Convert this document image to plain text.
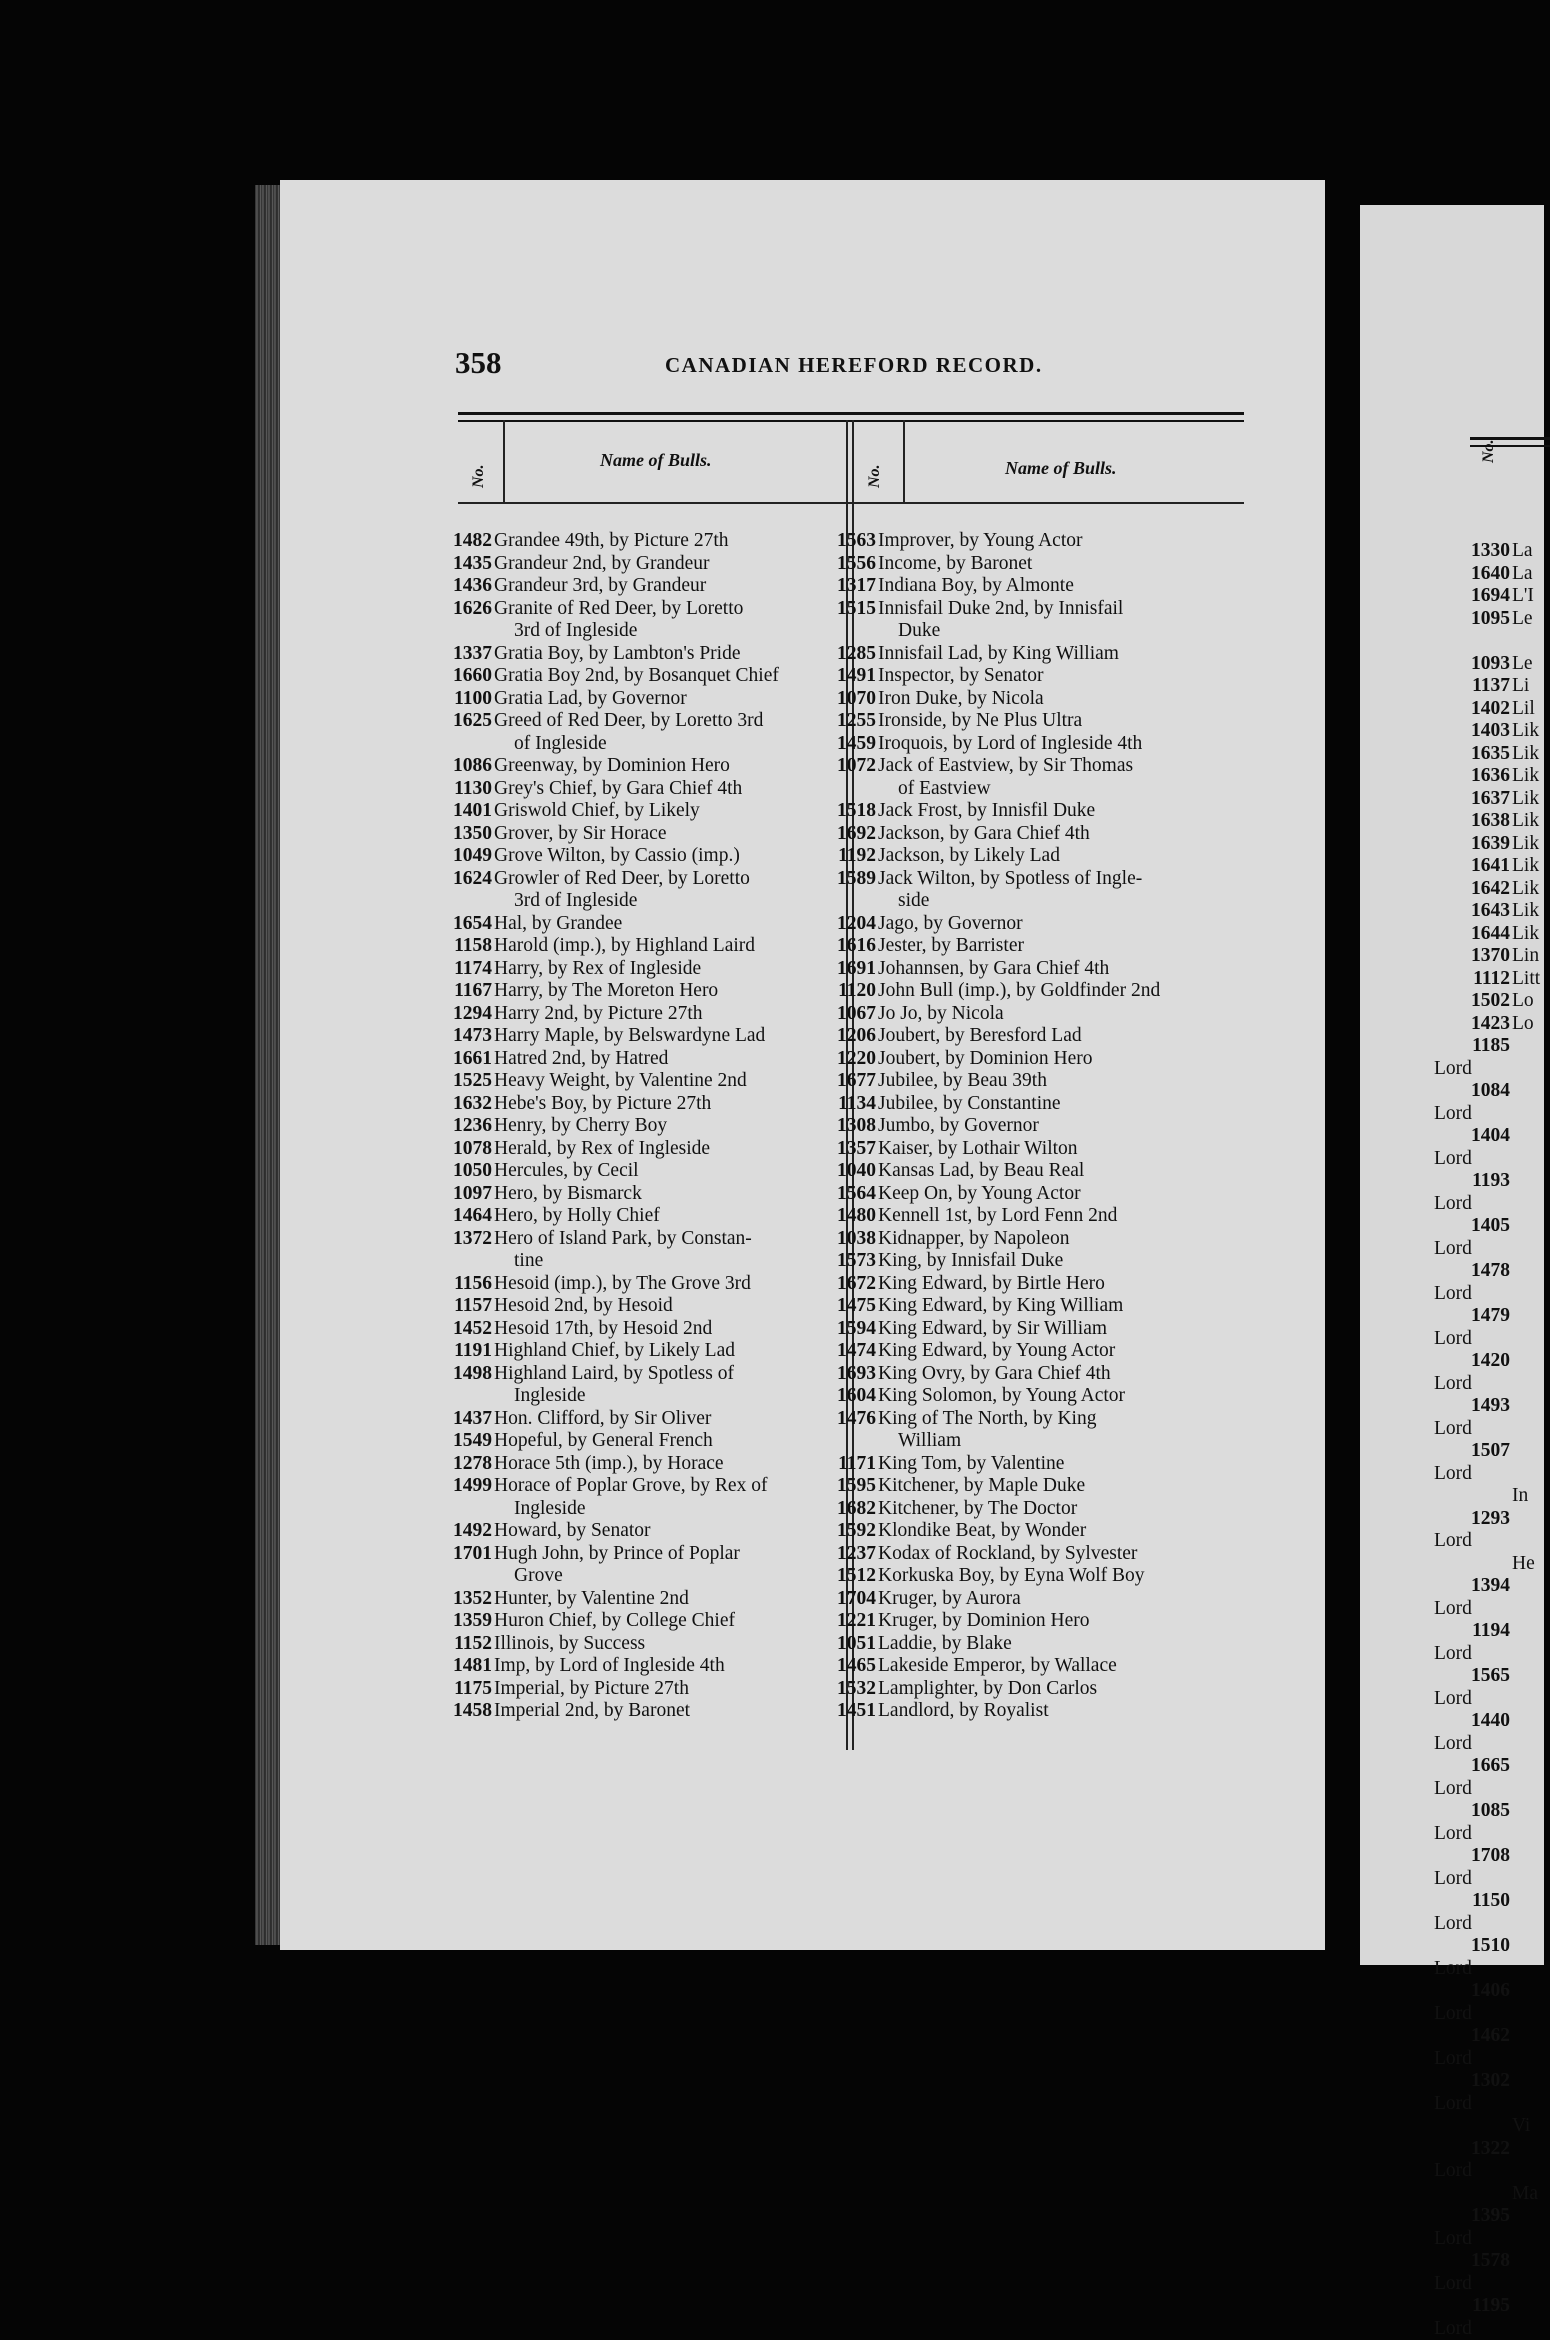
No.
1330 La
1640 La
1694 L'I
1095 Le

1093 Le
1137 Li
1402 Lil
1403 Lik
1635 Lik
1636 Lik
1637 Lik
1638 Lik
1639 Lik
1641 Lik
1642 Lik
1643 Lik
1644 Lik
1370 Lin
1112 Litt
1502 Lo
1423 Lo
1185Lord
1084Lord
1404Lord
1193Lord
1405Lord
1478Lord
1479Lord
1420Lord
1493Lord
1507Lord
In
1293Lord
He
1394Lord
1194Lord
1565Lord
1440Lord
1665Lord
1085Lord
1708Lord
1150Lord
1510Lord
1406Lord
1462Lord
1302Lord
Vi
1322Lord
Ma
1395Lord
1578Lord
1195Lord
358	CANADIAN HEREFORD RECORD.
No.
Name of Bulls.
No.	Name of Bulls.
1482 Grandee 49th, by Picture 27th
1435 Grandeur 2nd, by Grandeur
1436 Grandeur 3rd, by Grandeur
1626 Granite of Red Deer, by Loretto
3rd of Ingleside
1337 Gratia Boy, by Lambton's Pride
1660 Gratia Boy 2nd, by Bosanquet Chief
1100 Gratia Lad, by Governor
1625 Greed of Red Deer, by Loretto 3rd
of Ingleside
1086 Greenway, by Dominion Hero
1130 Grey's Chief, by Gara Chief 4th
1401 Griswold Chief, by Likely
1350 Grover, by Sir Horace
1049 Grove Wilton, by Cassio (imp.)
1624 Growler of Red Deer, by Loretto
3rd of Ingleside
1654 Hal, by Grandee
1158 Harold (imp.), by Highland Laird
1174 Harry, by Rex of Ingleside
1167 Harry, by The Moreton Hero
1294 Harry 2nd, by Picture 27th
1473 Harry Maple, by Belswardyne Lad
1661 Hatred 2nd, by Hatred
1525 Heavy Weight, by Valentine 2nd
1632 Hebe's Boy, by Picture 27th
1236 Henry, by Cherry Boy
1078 Herald, by Rex of Ingleside
1050 Hercules, by Cecil
1097 Hero, by Bismarck
1464 Hero, by Holly Chief
1372 Hero of Island Park, by Constan-
tine
1156 Hesoid (imp.), by The Grove 3rd
1157 Hesoid 2nd, by Hesoid
1452 Hesoid 17th, by Hesoid 2nd
1191 Highland Chief, by Likely Lad
1498 Highland Laird, by Spotless of
Ingleside
1437 Hon. Clifford, by Sir Oliver
1549 Hopeful, by General French
1278 Horace 5th (imp.), by Horace
1499 Horace of Poplar Grove, by Rex of
Ingleside
1492 Howard, by Senator
1701 Hugh John, by Prince of Poplar
Grove
1352 Hunter, by Valentine 2nd
1359 Huron Chief, by College Chief
1152 Illinois, by Success
1481 Imp, by Lord of Ingleside 4th
1175 Imperial, by Picture 27th
1458 Imperial 2nd, by Baronet
1563 Improver, by Young Actor
1556 Income, by Baronet
1317 Indiana Boy, by Almonte
1515 Innisfail Duke 2nd, by Innisfail
Duke
1285 Innisfail Lad, by King William
1491 Inspector, by Senator
1070 Iron Duke, by Nicola
1255 Ironside, by Ne Plus Ultra
1459 Iroquois, by Lord of Ingleside 4th
1072 Jack of Eastview, by Sir Thomas
of Eastview
1518 Jack Frost, by Innisfil Duke
1692 Jackson, by Gara Chief 4th
1192 Jackson, by Likely Lad
1589 Jack Wilton, by Spotless of Ingle-
side
1204 Jago, by Governor
1616 Jester, by Barrister
1691 Johannsen, by Gara Chief 4th
1120 John Bull (imp.), by Goldfinder 2nd
1067 Jo Jo, by Nicola
1206 Joubert, by Beresford Lad
1220 Joubert, by Dominion Hero
1677 Jubilee, by Beau 39th
1134 Jubilee, by Constantine
1308 Jumbo, by Governor
1357 Kaiser, by Lothair Wilton
1040 Kansas Lad, by Beau Real
1564 Keep On, by Young Actor
1480 Kennell 1st, by Lord Fenn 2nd
1038 Kidnapper, by Napoleon
1573 King, by Innisfail Duke
1672 King Edward, by Birtle Hero
1475 King Edward, by King William
1594 King Edward, by Sir William
1474 King Edward, by Young Actor
1693 King Ovry, by Gara Chief 4th
1604 King Solomon, by Young Actor
1476 King of The North, by King
William
1171 King Tom, by Valentine
1595 Kitchener, by Maple Duke
1682 Kitchener, by The Doctor
1592 Klondike Beat, by Wonder
1237 Kodax of Rockland, by Sylvester
1512 Korkuska Boy, by Eyna Wolf Boy
1704 Kruger, by Aurora
1221 Kruger, by Dominion Hero
1051 Laddie, by Blake
1465 Lakeside Emperor, by Wallace
1532 Lamplighter, by Don Carlos
1451 Landlord, by Royalist
